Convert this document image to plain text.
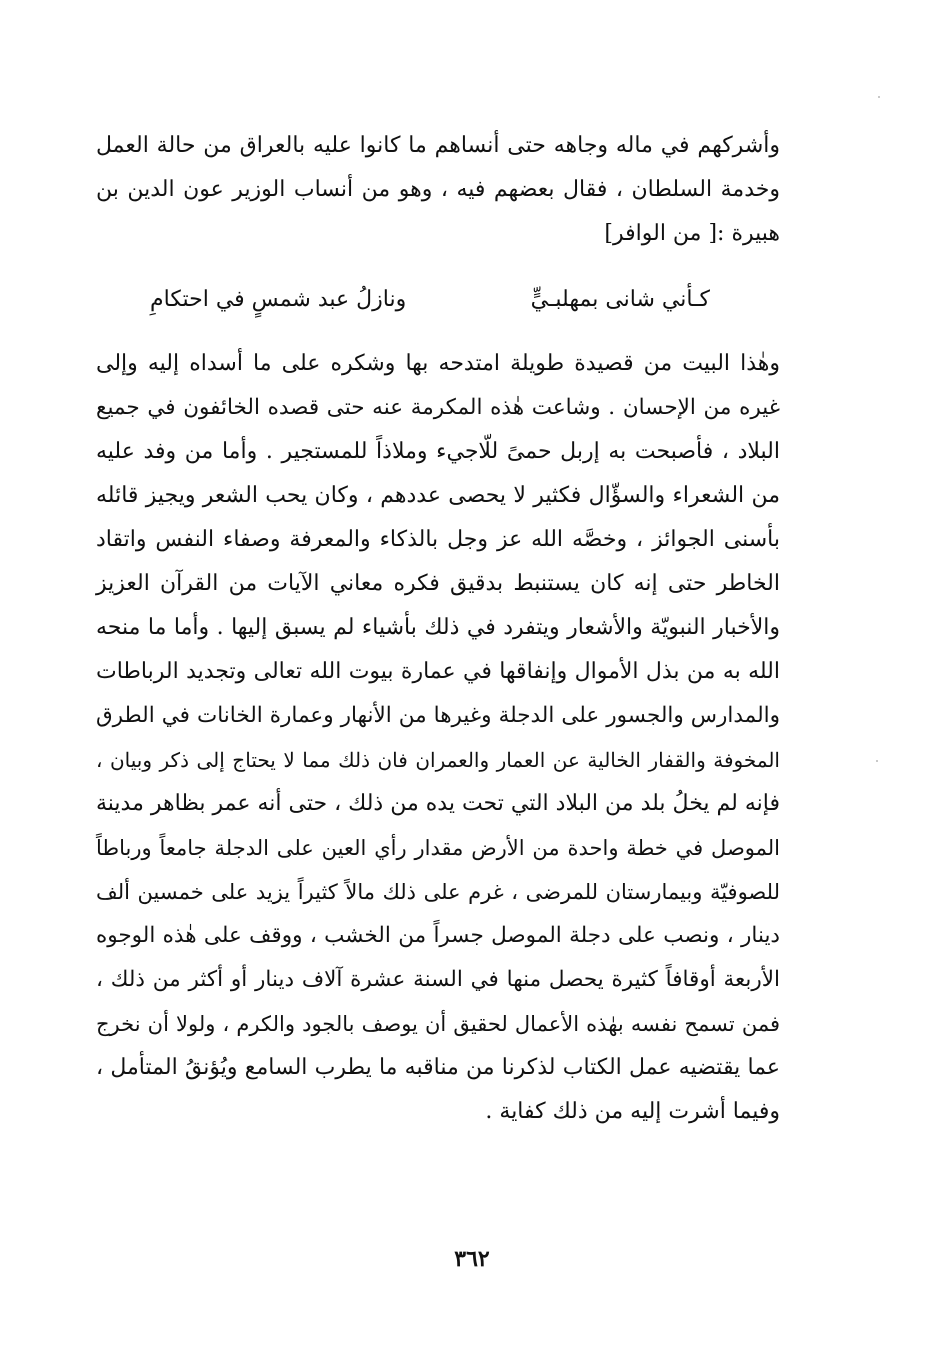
وأشركهم في ماله وجاهه حتى أنساهم ما كانوا عليه بالعراق من حالة العمل
وخدمة السلطان ، فقال بعضهم فيه ، وهو من أنساب الوزير عون الدين بن
هبيرة :[ من الوافر]
كـأني شانى بمهلبـيٍّ
ونازلُ عبد شمسٍ في احتكامِ
وهٰذا البيت من قصيدة طويلة امتدحه بها وشكره على ما أسداه إليه وإلى
غيره من الإحسان . وشاعت هٰذه المكرمة عنه حتى قصده الخائفون في جميع
البلاد ، فأصبحت به إربل حمىً للّاجيء وملاذاً للمستجير . وأما من وفد عليه
من الشعراء والسؤّال فكثير لا يحصى عددهم ، وكان يحب الشعر ويجيز قائله
بأسنى الجوائز ، وخصَّه الله عز وجل بالذكاء والمعرفة وصفاء النفس واتقاد
الخاطر حتى إنه كان يستنبط بدقيق فكره معاني الآيات من القرآن العزيز
والأخبار النبويّة والأشعار ويتفرد في ذلك بأشياء لم يسبق إليها . وأما ما منحه
الله به من بذل الأموال وإنفاقها في عمارة بيوت الله تعالى وتجديد الرباطات
والمدارس والجسور على الدجلة وغيرها من الأنهار وعمارة الخانات في الطرق
المخوفة والقفار الخالية عن العمار والعمران فان ذلك مما لا يحتاج إلى ذكر وبيان ،
فإنه لم يخلُ بلد من البلاد التي تحت يده من ذلك ، حتى أنه عمر بظاهر مدينة
الموصل في خطة واحدة من الأرض مقدار رأي العين على الدجلة جامعاً ورباطاً
للصوفيّة وبيمارستان للمرضى ، غرم على ذلك مالاً كثيراً يزيد على خمسين ألف
دينار ، ونصب على دجلة الموصل جسراً من الخشب ، ووقف على هٰذه الوجوه
الأربعة أوقافاً كثيرة يحصل منها في السنة عشرة آلاف دينار أو أكثر من ذلك ،
فمن تسمح نفسه بهٰذه الأعمال لحقيق أن يوصف بالجود والكرم ، ولولا أن نخرج
عما يقتضيه عمل الكتاب لذكرنا من مناقبه ما يطرب السامع ويُؤنقُ المتأمل ،
وفيما أشرت إليه من ذلك كفاية .
٣٦٢
